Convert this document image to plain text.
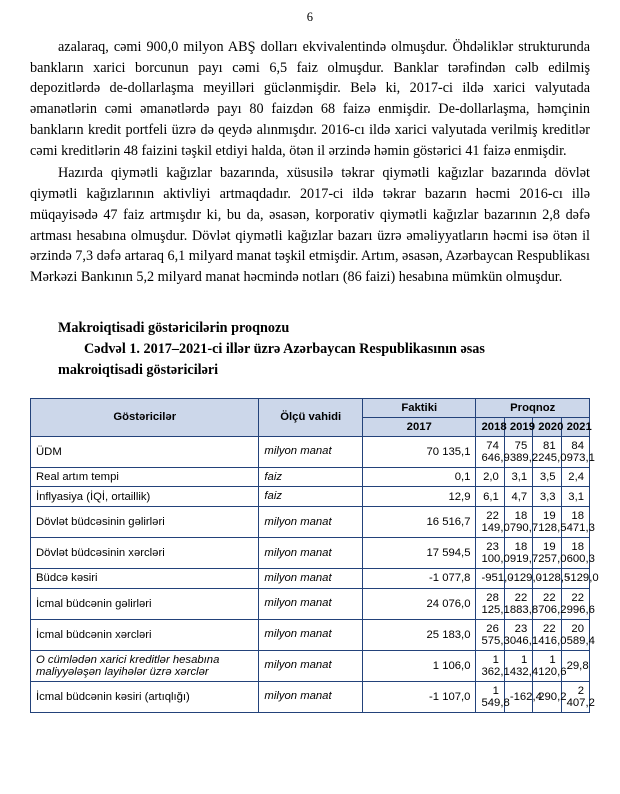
6

azalaraq, cəmi 900,0 milyon ABŞ dolları ekvivalentində olmuşdur. Öhdəliklər strukturunda bankların xarici borcunun payı cəmi 6,5 faiz olmuşdur. Banklar tərəfindən cəlb edilmiş depozitlərdə de-dollarlaşma meyilləri güclənmişdir. Belə ki, 2017-ci ildə xarici valyutada əmanətlərin cəmi əmanətlərdə payı 80 faizdən 68 faizə enmişdir. De-dollarlaşma, həmçinin bankların kredit portfeli üzrə də qeydə alınmışdır. 2016-cı ildə xarici valyutada verilmiş kreditlər cəmi kreditlərin 48 faizini təşkil etdiyi halda, ötən il ərzində həmin göstərici 41 faizə enmişdir.

Hazırda qiymətli kağızlar bazarında, xüsusilə təkrar qiymətli kağızlar bazarında dövlət qiymətli kağızlarının aktivliyi artmaqdadır. 2017-ci ildə təkrar bazarın həcmi 2016-cı illə müqayisədə 47 faiz artmışdır ki, bu da, əsasən, korporativ qiymətli kağızlar bazarının 2,8 dəfə artması hesabına olmuşdur. Dövlət qiymətli kağızlar bazarı üzrə əməliyyatların həcmi isə ötən il ərzində 7,3 dəfə artaraq 6,1 milyard manat təşkil etmişdir. Artım, əsasən, Azərbaycan Respublikası Mərkəzi Bankının 5,2 milyard manat həcmində notları (86 faizi) hesabına mümkün olmuşdur.

Makroiqtisadi göstəricilərin proqnozu
Cədvəl 1. 2017–2021-ci illər üzrə Azərbaycan Respublikasının əsas
makroiqtisadi göstəriciləri
Göstəricilər	Ölçü vahidi	Faktiki	Proqnoz			
		2017	2018	2019	2020	2021
ÜDM	milyon manat	70 135,1	74 646,9	75 389,2	81 245,0	84 973,1
Real artım tempi	faiz	0,1	2,0	3,1	3,5	2,4
İnflyasiya (İQİ, ortaillik)	faiz	12,9	6,1	4,7	3,3	3,1
Dövlət büdcəsinin gəlirləri	milyon manat	16 516,7	22 149,0	18 790,7	19 128,5	18 471,3
Dövlət büdcəsinin xərcləri	milyon manat	17 594,5	23 100,0	18 919,7	19 257,0	18 600,3
Büdcə kəsiri	milyon manat	-1 077,8	-951,0	-129,0	-128,5	-129,0
İcmal büdcənin gəlirləri	milyon manat	24 076,0	28 125,1	22 883,8	22 706,2	22 996,6
İcmal büdcənin xərcləri	milyon manat	25 183,0	26 575,3	23 046,1	22 416,0	20 589,4
O cümlədən xarici kreditlər hesabına maliyyələşən layihələr üzrə xərclər	milyon manat	1 106,0	1 362,1	1 432,4	1 120,6	29,8
İcmal büdcənin kəsiri (artıqlığı)	milyon manat	-1 107,0	1 549,8	-162,4	290,2	2 407,2
